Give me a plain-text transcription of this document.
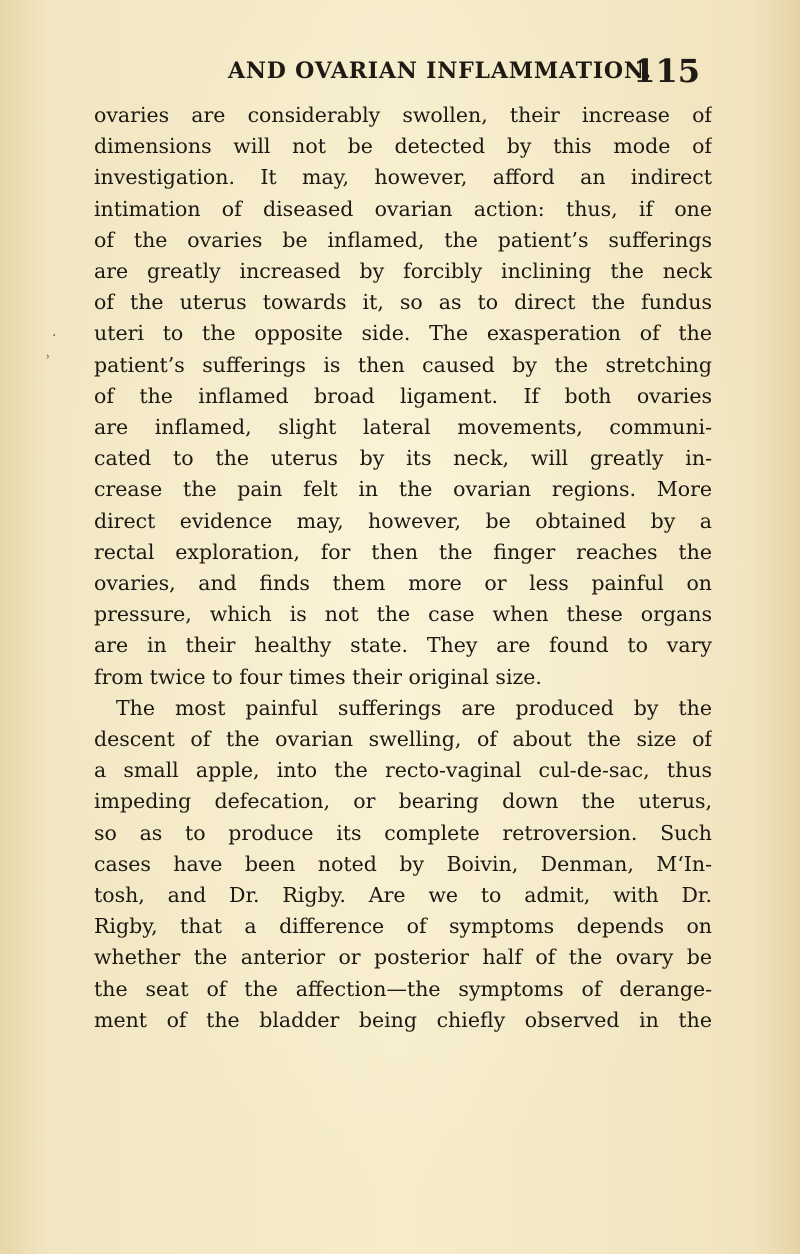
AND OVARIAN INFLAMMATION.
115
·
˒
ovaries are considerably swollen, their increase of
dimensions will not be detected by this mode of
investigation. It may, however, afford an indirect
intimation of diseased ovarian action: thus, if one
of the ovaries be inflamed, the patient’s sufferings
are greatly increased by forcibly inclining the neck
of the uterus towards it, so as to direct the fundus
uteri to the opposite side. The exasperation of the
patient’s sufferings is then caused by the stretching
of the inflamed broad ligament. If both ovaries
are inflamed, slight lateral movements, communi-
cated to the uterus by its neck, will greatly in-
crease the pain felt in the ovarian regions. More
direct evidence may, however, be obtained by a
rectal exploration, for then the finger reaches the
ovaries, and finds them more or less painful on
pressure, which is not the case when these organs
are in their healthy state. They are found to vary
from twice to four times their original size.
The most painful sufferings are produced by the
descent of the ovarian swelling, of about the size of
a small apple, into the recto-vaginal cul-de-sac, thus
impeding defecation, or bearing down the uterus,
so as to produce its complete retroversion. Such
cases have been noted by Boivin, Denman, M‘In-
tosh, and Dr. Rigby. Are we to admit, with Dr.
Rigby, that a difference of symptoms depends on
whether the anterior or posterior half of the ovary be
the seat of the affection—the symptoms of derange-
ment of the bladder being chiefly observed in the
